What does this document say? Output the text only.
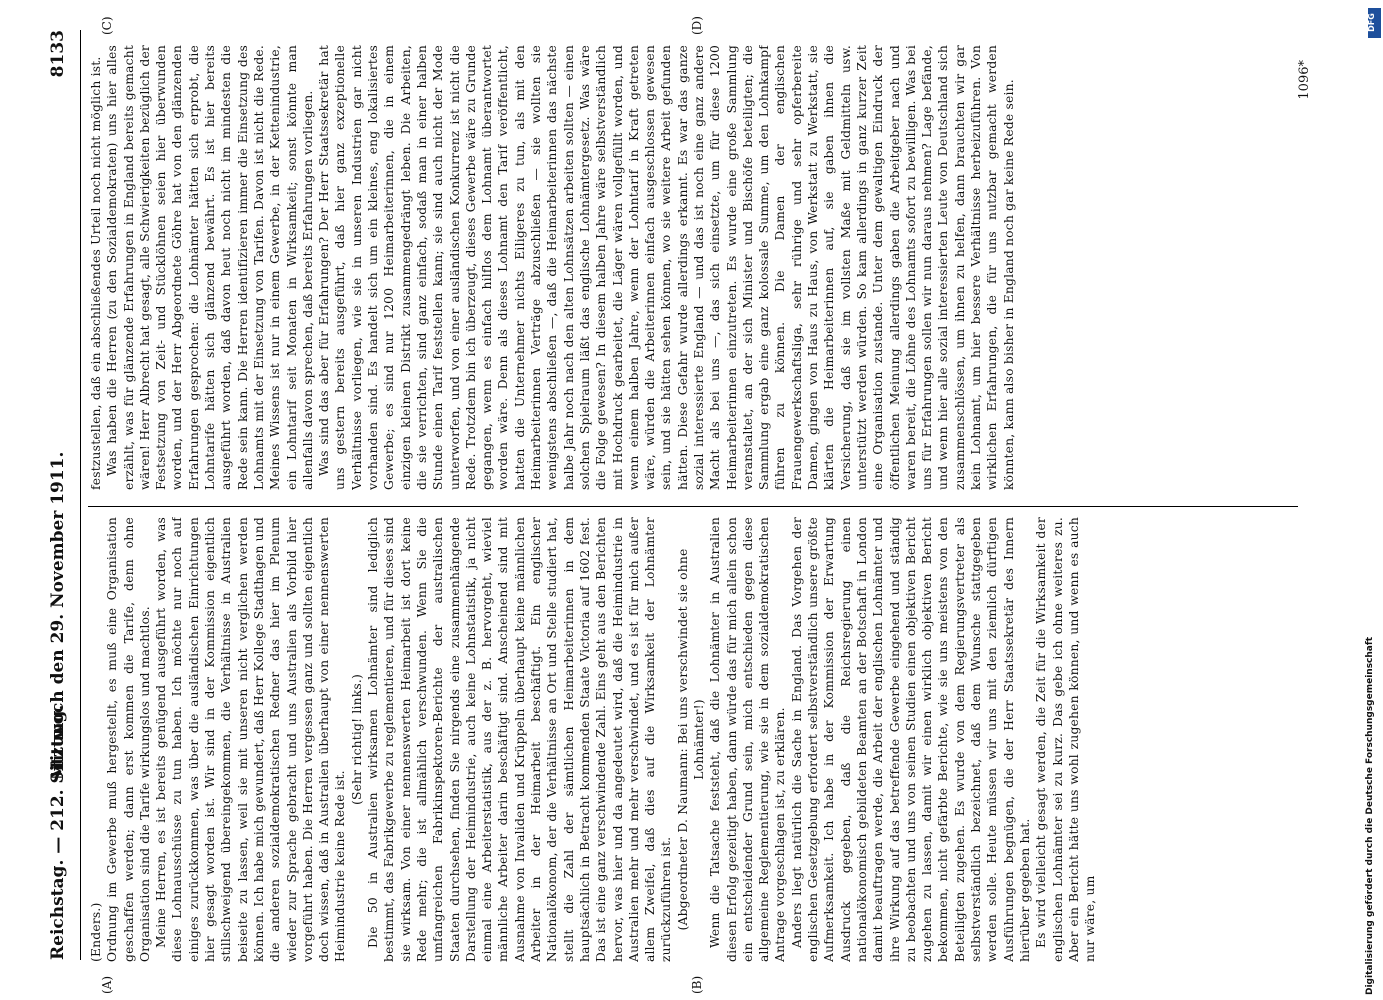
Reichstag. — 212. Sitzung.
Mittwoch den 29. November 1911.
8133
(A)	(B)
(C)	(D)

(Enders.) Ordnung im Gewerbe muß hergestellt, es muß eine Organisation geschaffen werden; dann erst kommen die Tarife, denn ohne Organisation sind die Tarife wirkungslos und machtlos. Meine Herren, es ist bereits genügend ausgeführt worden, was diese Lohnausschüsse zu tun haben. Ich möchte nur noch auf einiges zurückkommen, was über die ausländischen Einrichtungen hier gesagt worden ist. Wir sind in der Kommission eigentlich stillschweigend übereingekommen, die Verhältnisse in Australien beiseite zu lassen, weil sie mit unseren nicht verglichen werden können. Ich habe mich gewundert, daß Herr Kollege Stadthagen und die anderen sozialdemokratischen Redner das hier im Plenum wieder zur Sprache gebracht und uns Australien als Vorbild hier vorgeführt haben. Die Herren vergessen ganz und sollten eigentlich doch wissen, daß in Australien überhaupt von einer nennenswerten Heimindustrie keine Rede ist.

(Sehr richtig! links.) Die 50 in Australien wirksamen Lohnämter sind lediglich bestimmt, das Fabrikgewerbe zu reglementieren, und für dieses sind sie wirksam. Von einer nennenswerten Heimarbeit ist dort keine Rede mehr; die ist allmählich verschwunden. Wenn Sie die umfangreichen Fabrikinspektoren-Berichte der australischen Staaten durchsehen, finden Sie nirgends eine zusammenhängende Darstellung der Heimindustrie, auch keine Lohnstatistik, ja nicht einmal eine Arbeiterstatistik, aus der z. B. hervorgeht, wieviel männliche Arbeiter darin beschäftigt sind. Anscheinend sind mit Ausnahme von Invaliden und Krüppeln überhaupt keine männlichen Arbeiter in der Heimarbeit beschäftigt. Ein englischer Nationalökonom, der die Verhältnisse an Ort und Stelle studiert hat, stellt die Zahl der sämtlichen Heimarbeiterinnen in dem hauptsächlich in Betracht kommenden Staate Victoria auf 1602 fest. Das ist eine ganz verschwindende Zahl. Eins geht aus den Berichten hervor, was hier und da angedeutet wird, daß die Heimindustrie in Australien mehr und mehr verschwindet, und es ist für mich außer allem Zweifel, daß dies auf die Wirksamkeit der Lohnämter zurückzuführen ist. (Abgeordneter D. Naumann: Bei uns verschwindet sie ohne Lohnämter!) Wenn die Tatsache feststeht, daß die Lohnämter in Australien diesen Erfolg gezeitigt haben, dann würde das für mich allein schon ein entscheidender Grund sein, mich entschieden gegen diese allgemeine Reglementierung, wie sie in dem sozialdemokratischen Antrage vorgeschlagen ist, zu erklären. Anders liegt natürlich die Sache in England. Das Vorgehen der englischen Gesetzgebung erfordert selbstverständlich unsere größte Aufmerksamkeit. Ich habe in der Kommission der Erwartung Ausdruck gegeben, daß die Reichsregierung einen nationalökonomisch gebildeten Beamten an der Botschaft in London damit beauftragen werde, die Arbeit der englischen Lohnämter und ihre Wirkung auf das betreffende Gewerbe eingehend und ständig zu beobachten und uns von seinen Studien einen objektiven Bericht zugehen zu lassen, damit wir einen wirklich objektiven Bericht bekommen, nicht gefärbte Berichte, wie sie uns meistens von den Beteiligten zugehen. Es wurde von dem Regierungsvertreter als selbstverständlich bezeichnet, daß dem Wunsche stattgegeben werden solle. Heute müssen wir uns mit den ziemlich dürftigen Ausführungen begnügen, die der Herr Staatssekretär des Innern hierüber gegeben hat. Es wird vielleicht gesagt werden, die Zeit für die Wirksamkeit der englischen Lohnämter sei zu kurz. Das gebe ich ohne weiteres zu. Aber ein Bericht hätte uns wohl zugehen können, und wenn es auch nur wäre, um

festzustellen, daß ein abschließendes Urteil noch nicht möglich ist. Was haben die Herren (zu den Sozialdemokraten) uns hier alles erzählt, was für glänzende Erfahrungen in England bereits gemacht wären! Herr Albrecht hat gesagt, alle Schwierigkeiten bezüglich der Festsetzung von Zeit- und Stücklöhnen seien hier überwunden worden, und der Herr Abgeordnete Göhre hat von den glänzenden Erfahrungen gesprochen: die Lohnämter hätten sich erprobt, die Lohntarife hätten sich glänzend bewährt. Es ist hier bereits ausgeführt worden, daß davon heut noch nicht im mindesten die Rede sein kann. Die Herren identifizieren immer die Einsetzung des Lohnamts mit der Einsetzung von Tarifen. Davon ist nicht die Rede. Meines Wissens ist nur in einem Gewerbe, in der Kettenindustrie, ein Lohntarif seit Monaten in Wirksamkeit; sonst könnte man allenfalls davon sprechen, daß bereits Erfahrungen vorliegen. Was sind das aber für Erfahrungen? Der Herr Staatssekretär hat uns gestern bereits ausgeführt, daß hier ganz exzeptionelle Verhältnisse vorliegen, wie sie in unseren Industrien gar nicht vorhanden sind. Es handelt sich um ein kleines, eng lokalisiertes Gewerbe; es sind nur 1200 Heimarbeiterinnen, die in einem einzigen kleinen Distrikt zusammengedrängt leben. Die Arbeiten, die sie verrichten, sind ganz einfach, sodaß man in einer halben Stunde einen Tarif feststellen kann; sie sind auch nicht der Mode unterworfen, und von einer ausländischen Konkurrenz ist nicht die Rede. Trotzdem bin ich überzeugt, dieses Gewerbe wäre zu Grunde gegangen, wenn es einfach hilflos dem Lohnamt überantwortet worden wäre. Denn als dieses Lohnamt den Tarif veröffentlicht, hatten die Unternehmer nichts Eiligeres zu tun, als mit den Heimarbeiterinnen Verträge abzuschließen — sie wollten sie wenigstens abschließen —, daß die Heimarbeiterinnen das nächste halbe Jahr noch nach den alten Lohnsätzen arbeiten sollten — einen solchen Spielraum läßt das englische Lohnämtergesetz. Was wäre die Folge gewesen? In diesem halben Jahre wäre selbstverständlich mit Hochdruck gearbeitet, die Läger wären vollgefüllt worden, und wenn einem halben Jahre, wenn der Lohntarif in Kraft getreten wäre, würden die Arbeiterinnen einfach ausgeschlossen gewesen sein, und sie hätten sehen können, wo sie weitere Arbeit gefunden hätten. Diese Gefahr wurde allerdings erkannt. Es war das ganze sozial interessierte England — und das ist noch eine ganz andere Macht als bei uns —, das sich einsetzte, um für diese 1200 Heimarbeiterinnen einzutreten. Es wurde eine große Sammlung veranstaltet, an der sich Minister und Bischöfe beteiligten; die Sammlung ergab eine ganz kolossale Summe, um den Lohnkampf führen zu können. Die Damen der englischen Frauengewerkschaftsliga, sehr rührige und sehr opferbereite Damen, gingen von Haus zu Haus, von Werkstatt zu Werkstatt, sie klärten die Heimarbeiterinnen auf, sie gaben ihnen die Versicherung, daß sie im vollsten Maße mit Geldmitteln usw. unterstützt werden würden. So kam allerdings in ganz kurzer Zeit eine Organisation zustande. Unter dem gewaltigen Eindruck der öffentlichen Meinung allerdings gaben die Arbeitgeber nach und waren bereit, die Löhne des Lohnamts sofort zu bewilligen. Was bei uns für Erfahrungen sollen wir nun daraus nehmen? Lage befände, und wenn hier alle sozial interessierten Leute von Deutschland sich zusammenschlössen, um ihnen zu helfen, dann brauchten wir gar kein Lohnamt, um hier bessere Verhältnisse herbeizuführen. Von wirklichen Erfahrungen, die für uns nutzbar gemacht werden könnten, kann also bisher in England noch gar keine Rede sein.	1096*
DFG
Digitalisierung gefördert durch die Deutsche Forschungsgemeinschaft
